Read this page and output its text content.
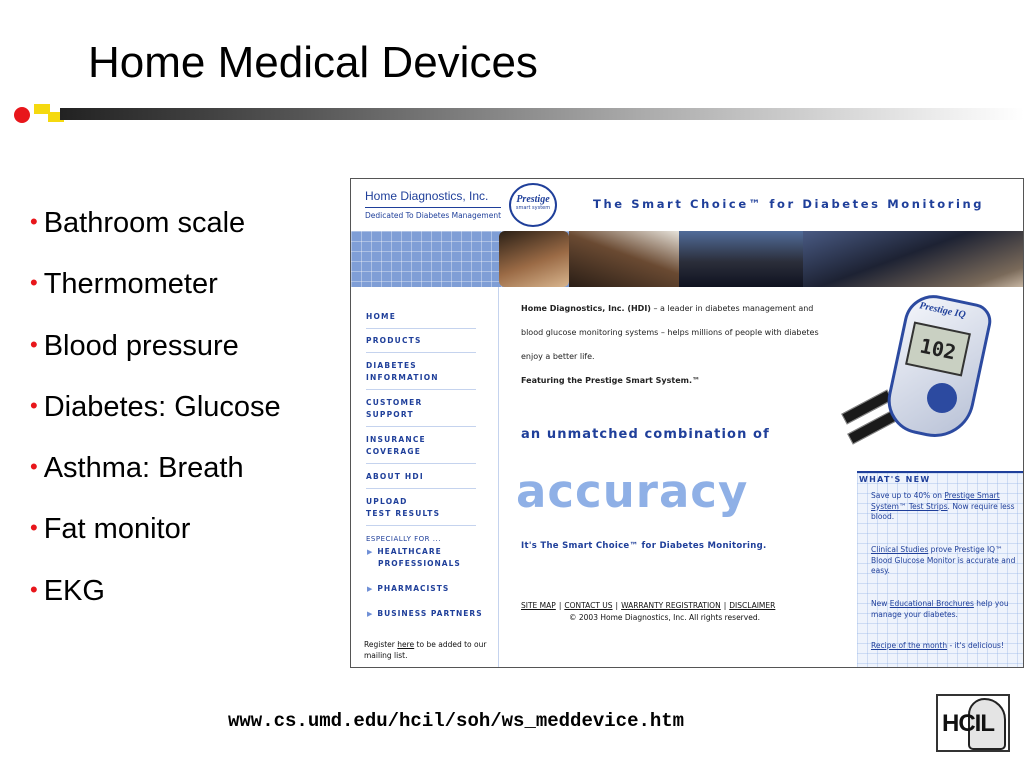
Home Medical Devices
• Bathroom scale
• Thermometer
• Blood pressure
• Diabetes: Glucose
• Asthma: Breath
• Fat monitor
• EKG
Home Diagnostics, Inc.
Dedicated To Diabetes Management
Prestige
smart system	The Smart Choice™ for Diabetes Monitoring
HOME
PRODUCTS
DIABETES
INFORMATION
CUSTOMER
SUPPORT
INSURANCE
COVERAGE
ABOUT HDI
UPLOAD
TEST RESULTS
ESPECIALLY FOR ...
▶ HEALTHCARE
PROFESSIONALS
▶ PHARMACISTS
▶ BUSINESS PARTNERS
Register here to be added to our mailing list.
Home Diagnostics, Inc. (HDI) – a leader in diabetes management and blood glucose monitoring systems – helps millions of people with diabetes enjoy a better life.
Featuring the Prestige Smart System.™
an unmatched combination of
accuracy
It's The Smart Choice™ for Diabetes Monitoring.
SITE MAP | CONTACT US | WARRANTY REGISTRATION | DISCLAIMER
© 2003 Home Diagnostics, Inc. All rights reserved.
Prestige IQ
102
WHAT'S NEW
Save up to 40% on Prestige Smart System™ Test Strips. Now require less blood.
Clinical Studies prove Prestige IQ™ Blood Glucose Monitor is accurate and easy.
New Educational Brochures help you manage your diabetes.
Recipe of the month - it's delicious!
www.cs.umd.edu/hcil/soh/ws_meddevice.htm	HCIL
